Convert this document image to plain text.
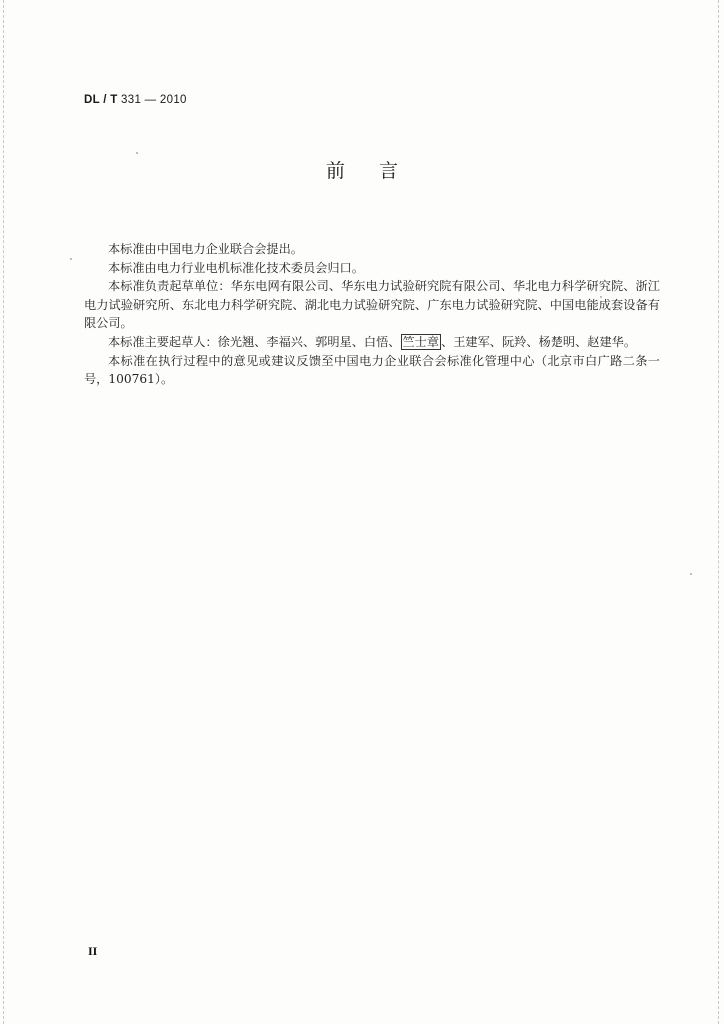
DL / T 331 — 2010
前言

本标准由中国电力企业联合会提出。

本标准由电力行业电机标准化技术委员会归口。

本标准负责起草单位：华东电网有限公司、华东电力试验研究院有限公司、华北电力科学研究院、浙江电力试验研究所、东北电力科学研究院、湖北电力试验研究院、广东电力试验研究院、中国电能成套设备有限公司。

本标准主要起草人：徐光翘、李福兴、郭明星、白悟、 竺士章 、王建军、阮羚、杨楚明、赵建华。

本标准在执行过程中的意见或建议反馈至中国电力企业联合会标准化管理中心（北京市白广路二条一号，100761）。

II
